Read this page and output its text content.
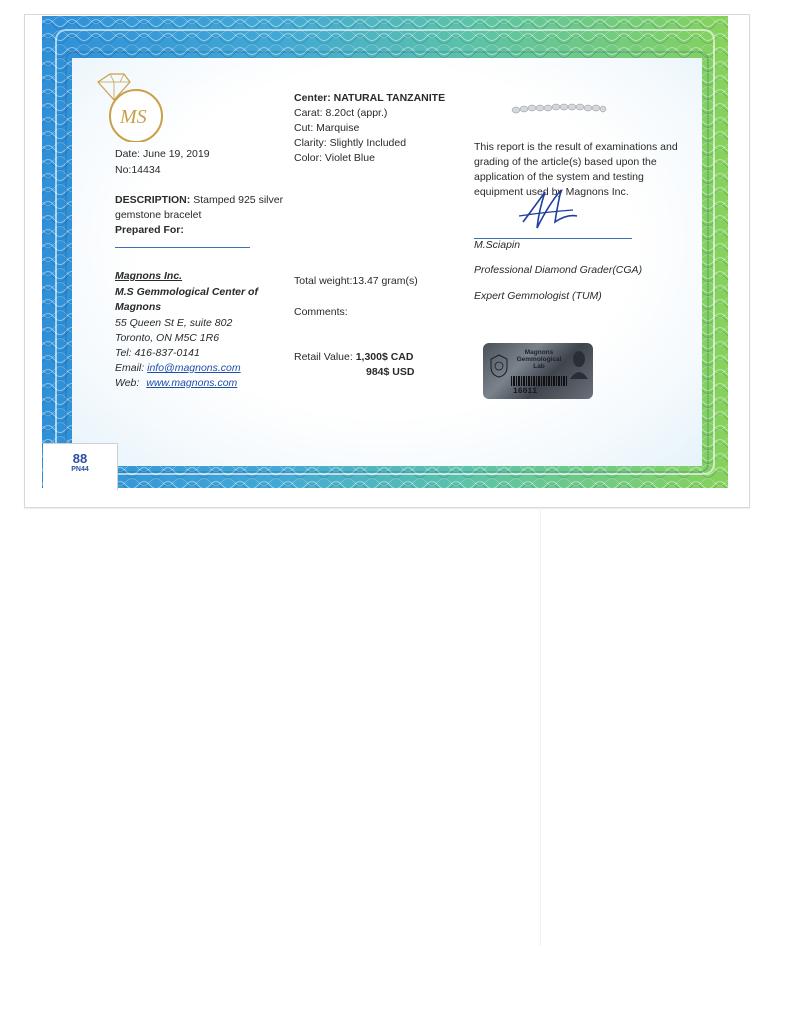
MS
Date: June 19, 2019
No:14434
DESCRIPTION: Stamped 925 silver
gemstone bracelet
Prepared For:
Magnons Inc.
M.S Gemmological Center of
Magnons
55 Queen St E, suite 802
Toronto, ON M5C 1R6
Tel: 416-837-0141
Email: info@magnons.com
Web: www.magnons.com
Center: NATURAL TANZANITE
Carat: 8.20ct (appr.)
Cut: Marquise
Clarity: Slightly Included
Color: Violet Blue
Total weight:13.47 gram(s)
Comments:
Retail Value: 1,300$ CAD
984$ USD
This report is the result of examinations and
grading of the article(s) based upon the
application of the system and testing
equipment used by Magnons Inc.
M.Sciapin
Professional Diamond Grader(CGA)
Expert Gemmologist (TUM)
Magnons
Gemmological
Lab
16011
88
PN44
